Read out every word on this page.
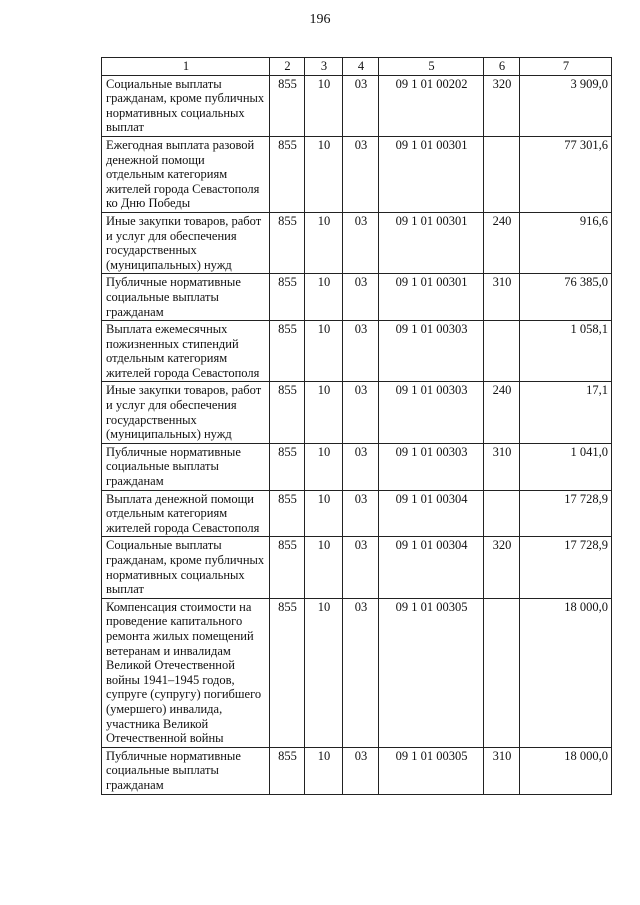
196
1	2	3	4	5	6	7
Социальные выплаты гражданам, кроме публичных нормативных социальных выплат	855	10	03	09 1 01 00202	320	3 909,0
Ежегодная выплата разовой денежной помощи отдельным категориям жителей города Севастополя ко Дню Победы	855	10	03	09 1 01 00301		77 301,6
Иные закупки товаров, работ и услуг для обеспечения государственных (муниципальных) нужд	855	10	03	09 1 01 00301	240	916,6
Публичные нормативные социальные выплаты гражданам	855	10	03	09 1 01 00301	310	76 385,0
Выплата ежемесячных пожизненных стипендий отдельным категориям жителей города Севастополя	855	10	03	09 1 01 00303		1 058,1
Иные закупки товаров, работ и услуг для обеспечения государственных (муниципальных) нужд	855	10	03	09 1 01 00303	240	17,1
Публичные нормативные социальные выплаты гражданам	855	10	03	09 1 01 00303	310	1 041,0
Выплата денежной помощи отдельным категориям жителей города Севастополя	855	10	03	09 1 01 00304		17 728,9
Социальные выплаты гражданам, кроме публичных нормативных социальных выплат	855	10	03	09 1 01 00304	320	17 728,9
Компенсация стоимости на проведение капитального ремонта жилых помещений ветеранам и инвалидам Великой Отечественной войны 1941–1945 годов, супруге (супругу) погибшего (умершего) инвалида, участника Великой Отечественной войны	855	10	03	09 1 01 00305		18 000,0
Публичные нормативные социальные выплаты гражданам	855	10	03	09 1 01 00305	310	18 000,0
